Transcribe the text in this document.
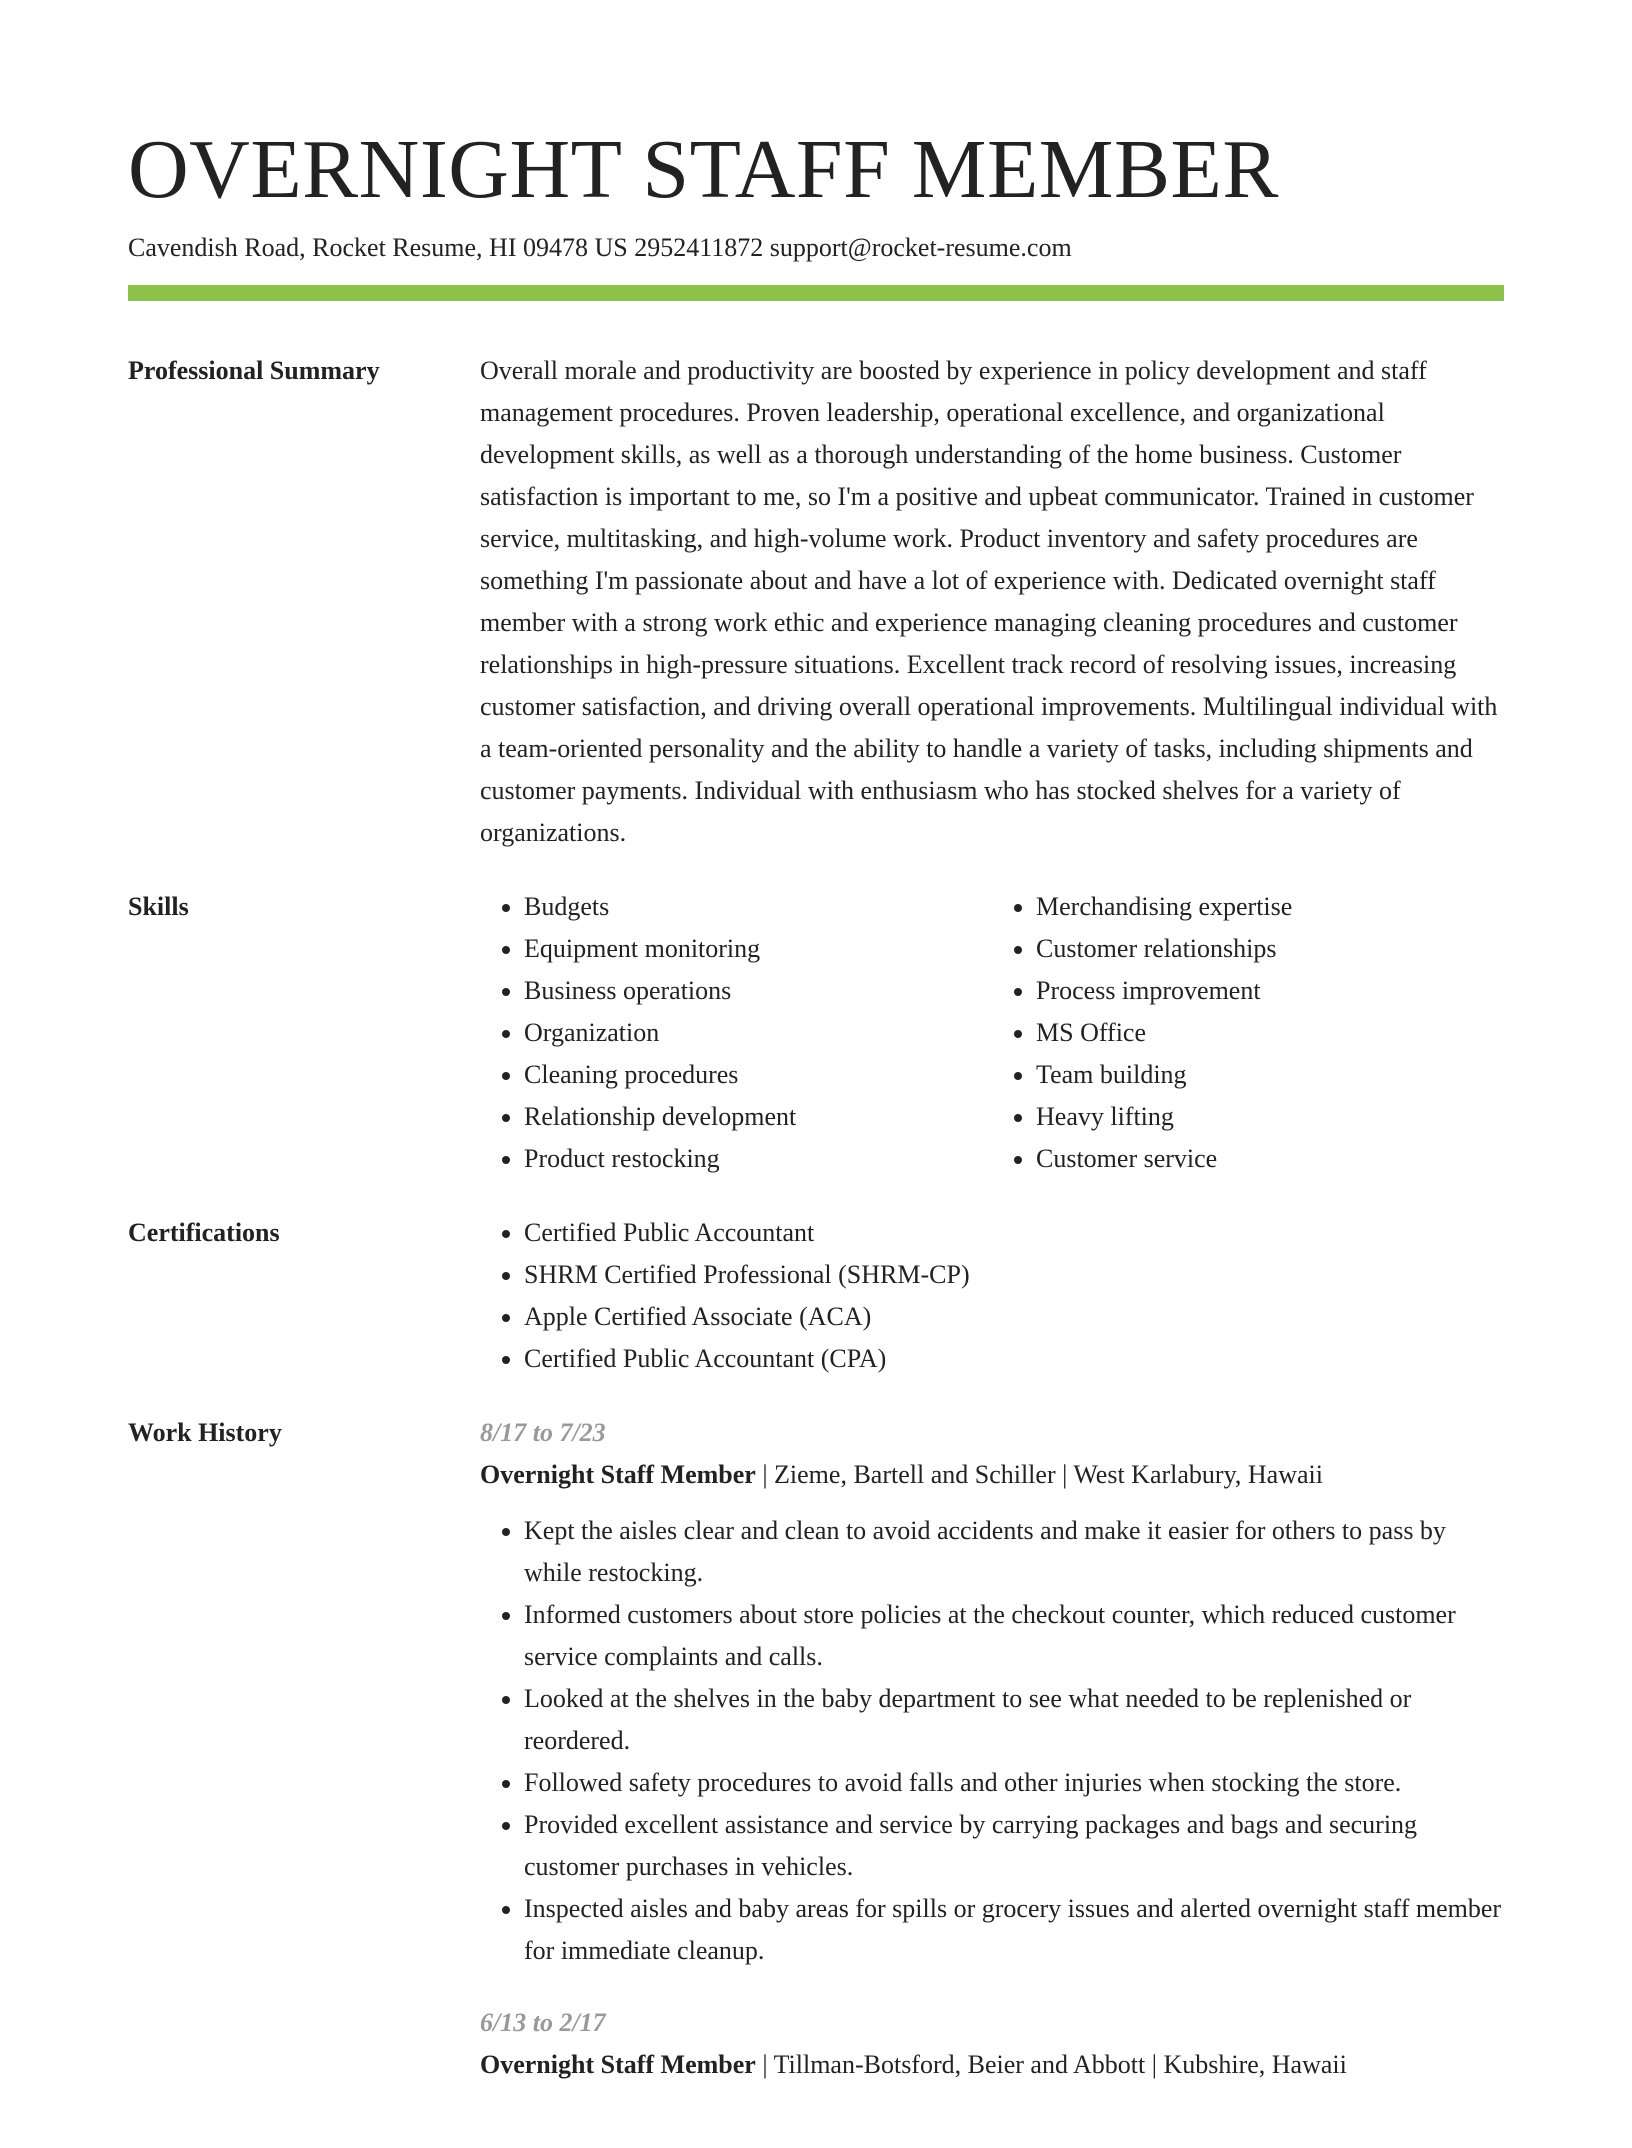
OVERNIGHT STAFF MEMBER
Cavendish Road, Rocket Resume, HI 09478 US 2952411872 support@rocket-resume.com
Professional Summary	Overall morale and productivity are boosted by experience in policy development and staff management procedures. Proven leadership, operational excellence, and organizational development skills, as well as a thorough understanding of the home business. Customer satisfaction is important to me, so I'm a positive and upbeat communicator. Trained in customer service, multitasking, and high-volume work. Product inventory and safety procedures are something I'm passionate about and have a lot of experience with. Dedicated overnight staff member with a strong work ethic and experience managing cleaning procedures and customer relationships in high-pressure situations. Excellent track record of resolving issues, increasing customer satisfaction, and driving overall operational improvements. Multilingual individual with a team-oriented personality and the ability to handle a variety of tasks, including shipments and customer payments. Individual with enthusiasm who has stocked shelves for a variety of organizations.

Skills	• Budgets
• Equipment monitoring
• Business operations
• Organization
• Cleaning procedures
• Relationship development
• Product restocking
• Merchandising expertise
• Customer relationships
• Process improvement
• MS Office
• Team building
• Heavy lifting
• Customer service
Certifications	• Certified Public Accountant
• SHRM Certified Professional (SHRM-CP)
• Apple Certified Associate (ACA)
• Certified Public Accountant (CPA)
Work History	8/17 to 7/23
Overnight Staff Member | Zieme, Bartell and Schiller | West Karlabury, Hawaii
• Kept the aisles clear and clean to avoid accidents and make it easier for others to pass by while restocking.
• Informed customers about store policies at the checkout counter, which reduced customer service complaints and calls.
• Looked at the shelves in the baby department to see what needed to be replenished or reordered.
• Followed safety procedures to avoid falls and other injuries when stocking the store.
• Provided excellent assistance and service by carrying packages and bags and securing customer purchases in vehicles.
• Inspected aisles and baby areas for spills or grocery issues and alerted overnight staff member for immediate cleanup.
6/13 to 2/17
Overnight Staff Member | Tillman-Botsford, Beier and Abbott | Kubshire, Hawaii
